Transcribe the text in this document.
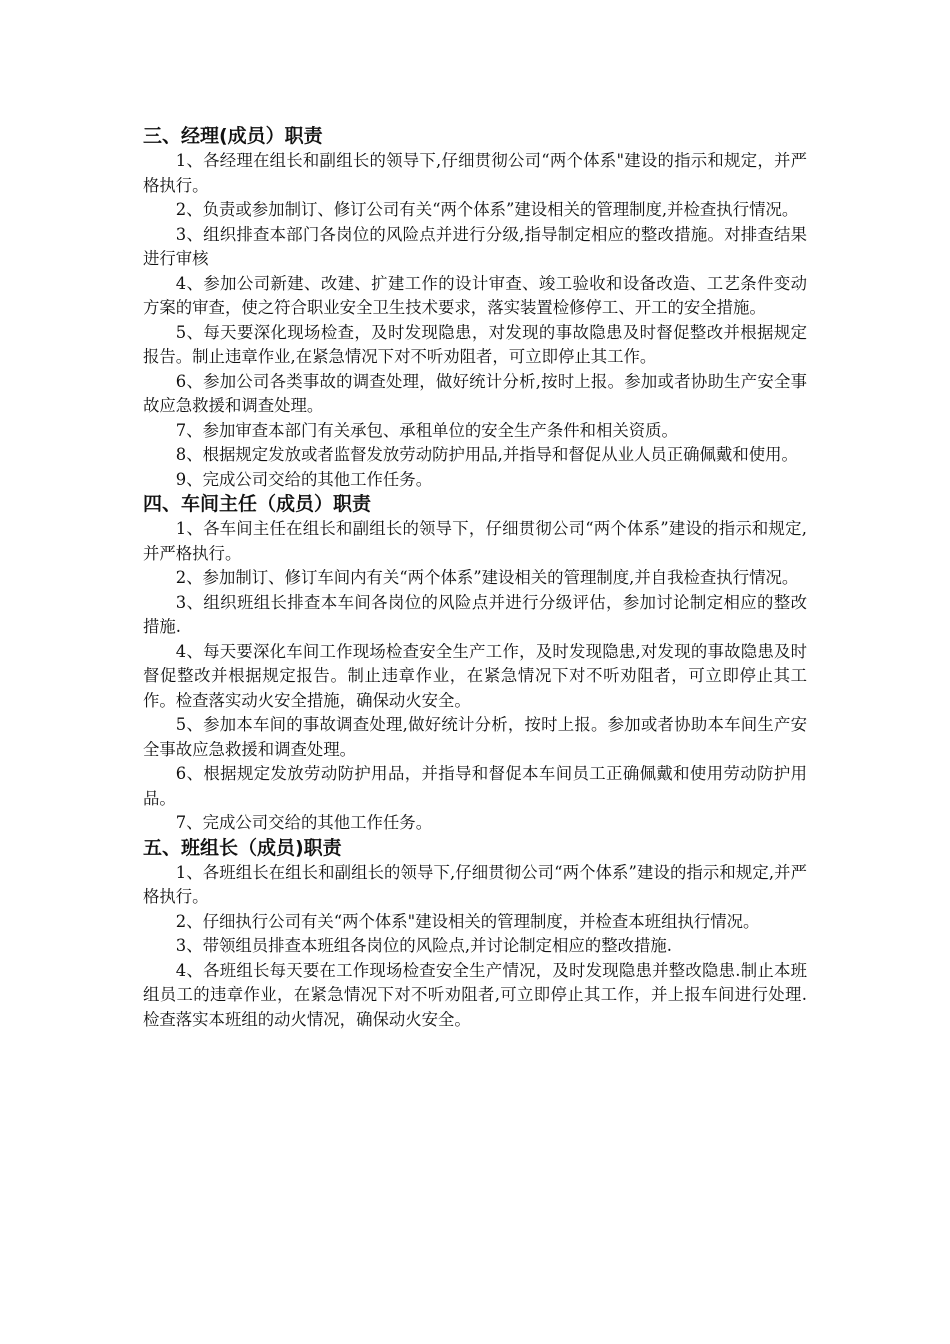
三、经理(成员）职责

1、各经理在组长和副组长的领导下,仔细贯彻公司“两个体系"建设的指示和规定，并严格执行。

2、负责或参加制订、修订公司有关“两个体系”建设相关的管理制度,并检查执行情况。

3、组织排查本部门各岗位的风险点并进行分级,指导制定相应的整改措施。对排查结果进行审核

4、参加公司新建、改建、扩建工作的设计审查、竣工验收和设备改造、工艺条件变动方案的审查，使之符合职业安全卫生技术要求，落实装置检修停工、开工的安全措施。

5、每天要深化现场检查，及时发现隐患，对发现的事故隐患及时督促整改并根据规定报告。制止违章作业,在紧急情况下对不听劝阻者，可立即停止其工作。

6、参加公司各类事故的调查处理，做好统计分析,按时上报。参加或者协助生产安全事故应急救援和调查处理。

7、参加审查本部门有关承包、承租单位的安全生产条件和相关资质。

8、根据规定发放或者监督发放劳动防护用品,并指导和督促从业人员正确佩戴和使用。

9、完成公司交给的其他工作任务。

四、车间主任（成员）职责

1、各车间主任在组长和副组长的领导下，仔细贯彻公司“两个体系”建设的指示和规定,并严格执行。

2、参加制订、修订车间内有关“两个体系”建设相关的管理制度,并自我检查执行情况。

3、组织班组长排查本车间各岗位的风险点并进行分级评估，参加讨论制定相应的整改措施.

4、每天要深化车间工作现场检查安全生产工作，及时发现隐患,对发现的事故隐患及时督促整改并根据规定报告。制止违章作业，在紧急情况下对不听劝阻者，可立即停止其工作。检查落实动火安全措施，确保动火安全。

5、参加本车间的事故调查处理,做好统计分析，按时上报。参加或者协助本车间生产安全事故应急救援和调查处理。

6、根据规定发放劳动防护用品，并指导和督促本车间员工正确佩戴和使用劳动防护用品。

7、完成公司交给的其他工作任务。

五、班组长（成员)职责

1、各班组长在组长和副组长的领导下,仔细贯彻公司“两个体系”建设的指示和规定,并严格执行。

2、仔细执行公司有关“两个体系"建设相关的管理制度，并检查本班组执行情况。

3、带领组员排查本班组各岗位的风险点,并讨论制定相应的整改措施.

4、各班组长每天要在工作现场检查安全生产情况，及时发现隐患并整改隐患.制止本班组员工的违章作业，在紧急情况下对不听劝阻者,可立即停止其工作，并上报车间进行处理.检查落实本班组的动火情况，确保动火安全。
